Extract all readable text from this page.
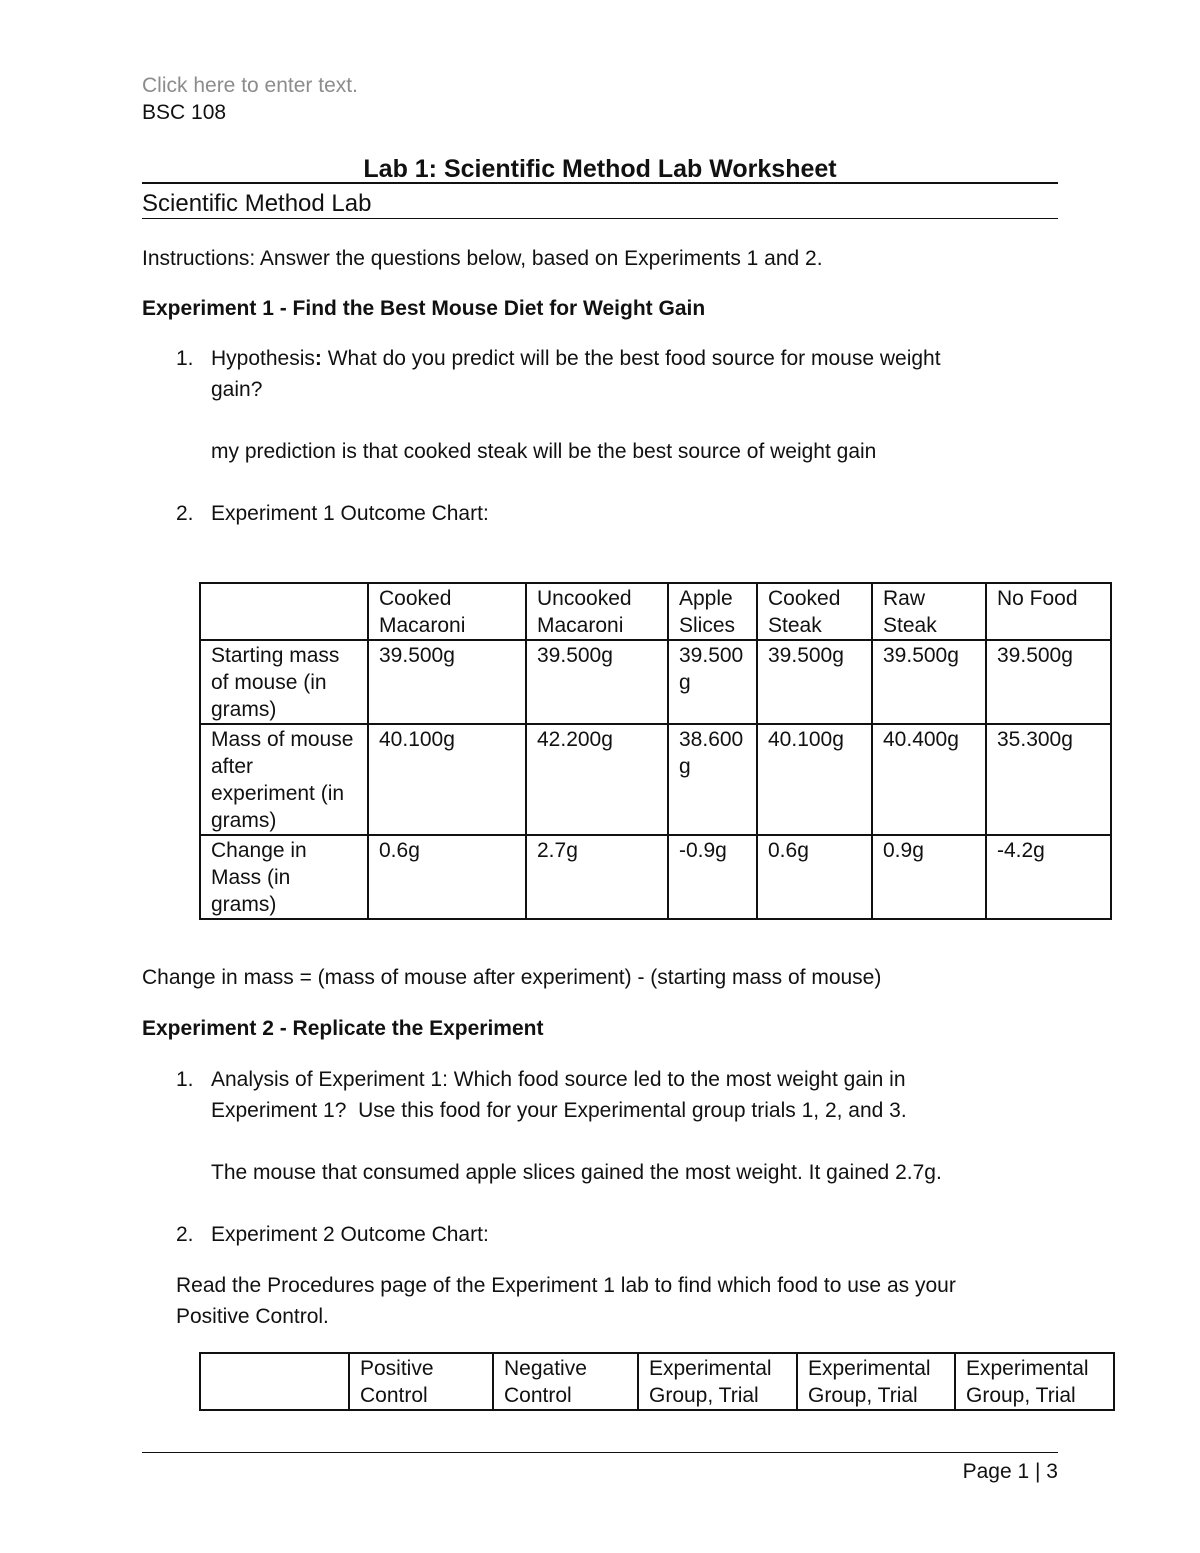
Click here to enter text.
BSC 108
Lab 1: Scientific Method Lab Worksheet
Scientific Method Lab
Instructions: Answer the questions below, based on Experiments 1 and 2.
Experiment 1 - Find the Best Mouse Diet for Weight Gain
1. Hypothesis: What do you predict will be the best food source for mouse weight
gain?
my prediction is that cooked steak will be the best source of weight gain
2. Experiment 1 Outcome Chart:
	Cooked Macaroni	Uncooked Macaroni	Apple Slices	Cooked Steak	Raw Steak	No Food
Starting mass of mouse (in grams)	39.500g	39.500g	39.500g	39.500g	39.500g	39.500g
Mass of mouse after experiment (in grams)	40.100g	42.200g	38.600g	40.100g	40.400g	35.300g
Change in Mass (in grams)	0.6g	2.7g	-0.9g	0.6g	0.9g	-4.2g
Change in mass = (mass of mouse after experiment) - (starting mass of mouse)
Experiment 2 - Replicate the Experiment
1. Analysis of Experiment 1: Which food source led to the most weight gain in
Experiment 1?  Use this food for your Experimental group trials 1, 2, and 3.
The mouse that consumed apple slices gained the most weight. It gained 2.7g.
2. Experiment 2 Outcome Chart:
Read the Procedures page of the Experiment 1 lab to find which food to use as your
Positive Control.
	Positive Control	Negative Control	Experimental Group, Trial	Experimental Group, Trial	Experimental Group, Trial
Page 1 | 3
